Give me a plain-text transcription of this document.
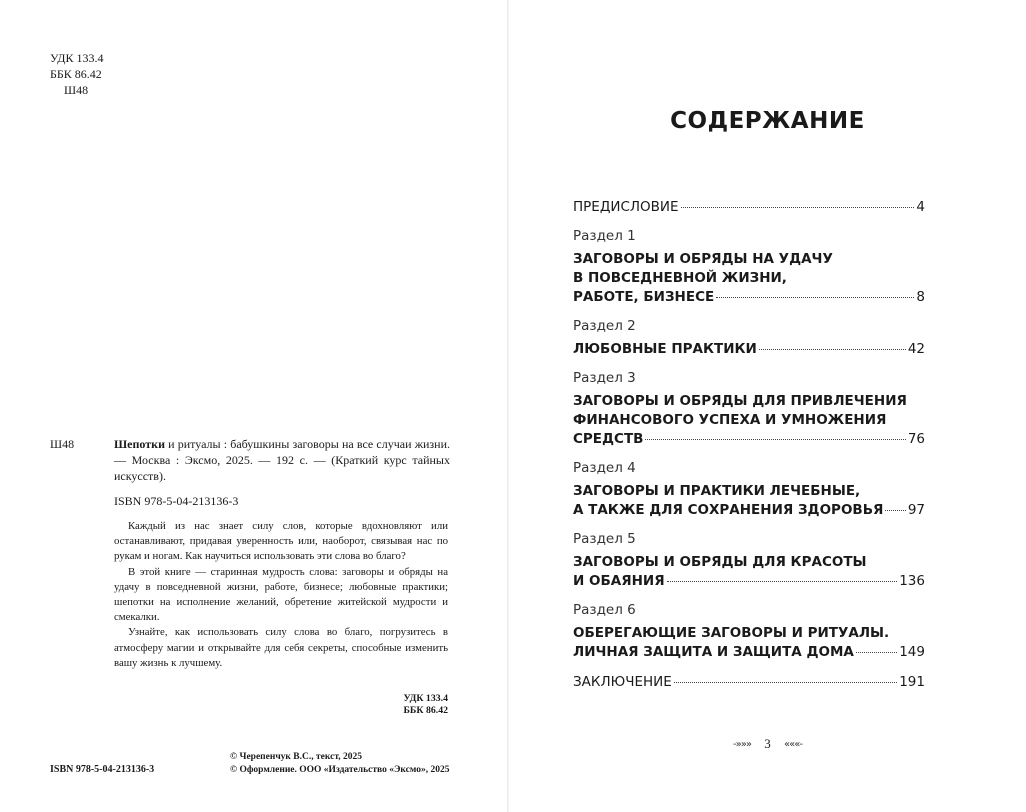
УДК 133.4
ББК 86.42
Ш48
Ш48	Шепотки и ритуалы : бабушкины заговоры на все случаи жизни. — Москва : Эксмо, 2025. — 192 с. — (Краткий курс тайных искусств).
ISBN 978-5-04-213136-3

Каждый из нас знает силу слов, которые вдохновляют или останавливают, придавая уверенность или, наоборот, связывая нас по рукам и ногам. Как научиться использовать эти слова во благо?

В этой книге — старинная мудрость слова: заговоры и обряды на удачу в повседневной жизни, работе, бизнесе; любовные практики; шепотки на исполнение желаний, обретение житейской мудрости и смекалки.

Узнайте, как использовать силу слова во благо, погрузитесь в атмосферу магии и открывайте для себя секреты, способные изменить вашу жизнь к лучшему.

УДК 133.4
ББК 86.42
ISBN 978-5-04-213136-3
© Черепенчук В.С., текст, 2025
© Оформление. ООО «Издательство «Эксмо», 2025
СОДЕРЖАНИЕ
ПРЕДИСЛОВИЕ	4
Раздел 1
ЗАГОВОРЫ И ОБРЯДЫ НА УДАЧУ
В ПОВСЕДНЕВНОЙ ЖИЗНИ,
РАБОТЕ, БИЗНЕСЕ	8
Раздел 2
ЛЮБОВНЫЕ ПРАКТИКИ	42
Раздел 3
ЗАГОВОРЫ И ОБРЯДЫ ДЛЯ ПРИВЛЕЧЕНИЯ
ФИНАНСОВОГО УСПЕХА И УМНОЖЕНИЯ
СРЕДСТВ	76
Раздел 4
ЗАГОВОРЫ И ПРАКТИКИ ЛЕЧЕБНЫЕ,
А ТАКЖЕ ДЛЯ СОХРАНЕНИЯ ЗДОРОВЬЯ 97
Раздел 5
ЗАГОВОРЫ И ОБРЯДЫ ДЛЯ КРАСОТЫ
И ОБАЯНИЯ	136
Раздел 6
ОБЕРЕГАЮЩИЕ ЗАГОВОРЫ И РИТУАЛЫ.
ЛИЧНАЯ ЗАЩИТА И ЗАЩИТА ДОМА	149
ЗАКЛЮЧЕНИЕ	191
-»»» 3 «««-
